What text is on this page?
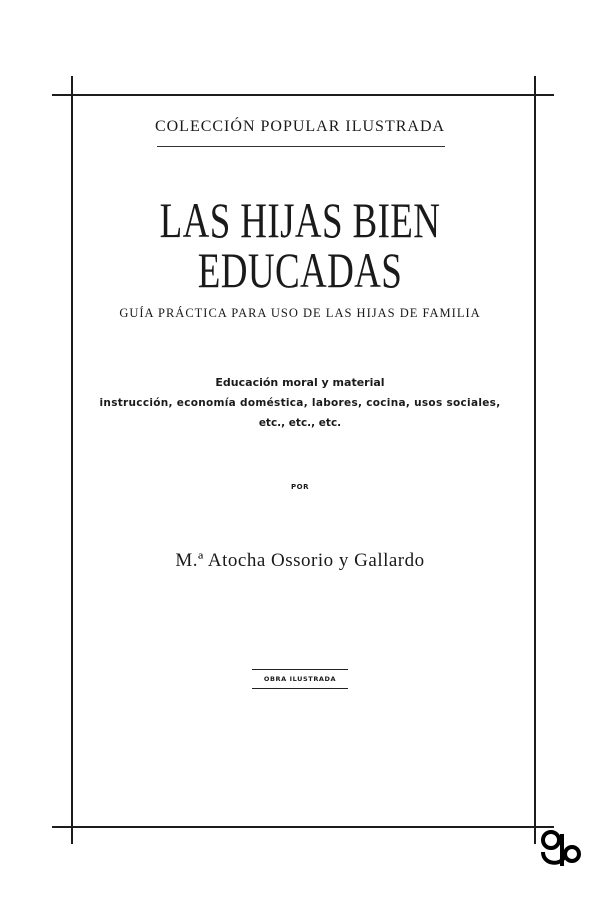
COLECCIÓN POPULAR ILUSTRADA
LAS HIJAS BIEN EDUCADAS
GUÍA PRÁCTICA PARA USO DE LAS HIJAS DE FAMILIA
Educación moral y material
instrucción, economía doméstica, labores, cocina, usos sociales,
etc., etc., etc.
POR
M.ª Atocha Ossorio y Gallardo
OBRA ILUSTRADA
